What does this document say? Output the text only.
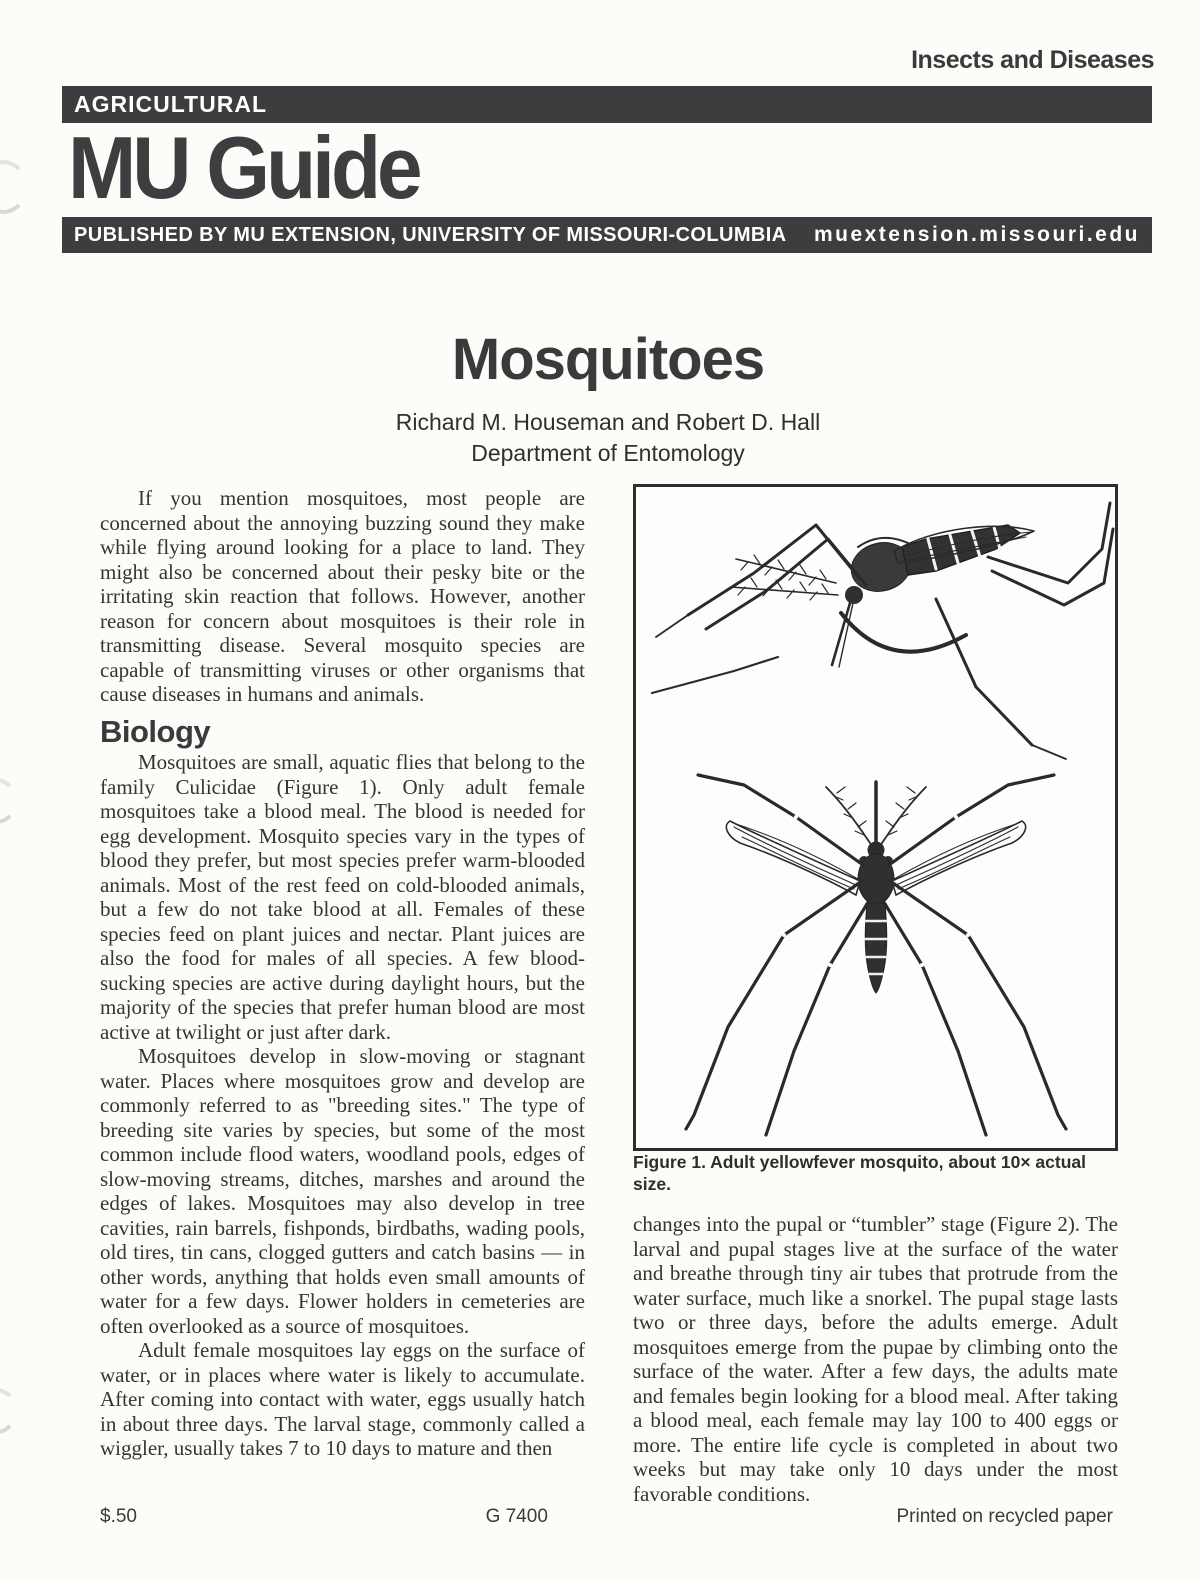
Insects and Diseases
AGRICULTURAL
MU Guide
PUBLISHED BY MU EXTENSION, UNIVERSITY OF MISSOURI-COLUMBIA muextension.missouri.edu
Mosquitoes

Richard M. Houseman and Robert D. Hall

Department of Entomology

If you mention mosquitoes, most people are concerned about the annoying buzzing sound they make while flying around looking for a place to land. They might also be concerned about their pesky bite or the irritating skin reaction that follows. However, another reason for concern about mosquitoes is their role in transmitting disease. Several mosquito species are capable of transmitting viruses or other organisms that cause diseases in humans and animals.

Biology

Mosquitoes are small, aquatic flies that belong to the family Culicidae (Figure 1). Only adult female mosquitoes take a blood meal. The blood is needed for egg development. Mosquito species vary in the types of blood they prefer, but most species prefer warm-blooded animals. Most of the rest feed on cold-blooded animals, but a few do not take blood at all. Females of these species feed on plant juices and nectar. Plant juices are also the food for males of all species. A few blood-sucking species are active during daylight hours, but the majority of the species that prefer human blood are most active at twilight or just after dark.

Mosquitoes develop in slow-moving or stagnant water. Places where mosquitoes grow and develop are commonly referred to as "breeding sites." The type of breeding site varies by species, but some of the most common include flood waters, woodland pools, edges of slow-moving streams, ditches, marshes and around the edges of lakes. Mosquitoes may also develop in tree cavities, rain barrels, fishponds, birdbaths, wading pools, old tires, tin cans, clogged gutters and catch basins — in other words, anything that holds even small amounts of water for a few days. Flower holders in cemeteries are often overlooked as a source of mosquitoes.

Adult female mosquitoes lay eggs on the surface of water, or in places where water is likely to accumulate. After coming into contact with water, eggs usually hatch in about three days. The larval stage, commonly called a wiggler, usually takes 7 to 10 days to mature and then

Figure 1. Adult yellowfever mosquito, about 10× actual size.

changes into the pupal or “tumbler” stage (Figure 2). The larval and pupal stages live at the surface of the water and breathe through tiny air tubes that protrude from the water surface, much like a snorkel. The pupal stage lasts two or three days, before the adults emerge. Adult mosquitoes emerge from the pupae by climbing onto the surface of the water. After a few days, the adults mate and females begin looking for a blood meal. After taking a blood meal, each female may lay 100 to 400 eggs or more. The entire life cycle is completed in about two weeks but may take only 10 days under the most favorable conditions.

$.50	G 7400	Printed on recycled paper
